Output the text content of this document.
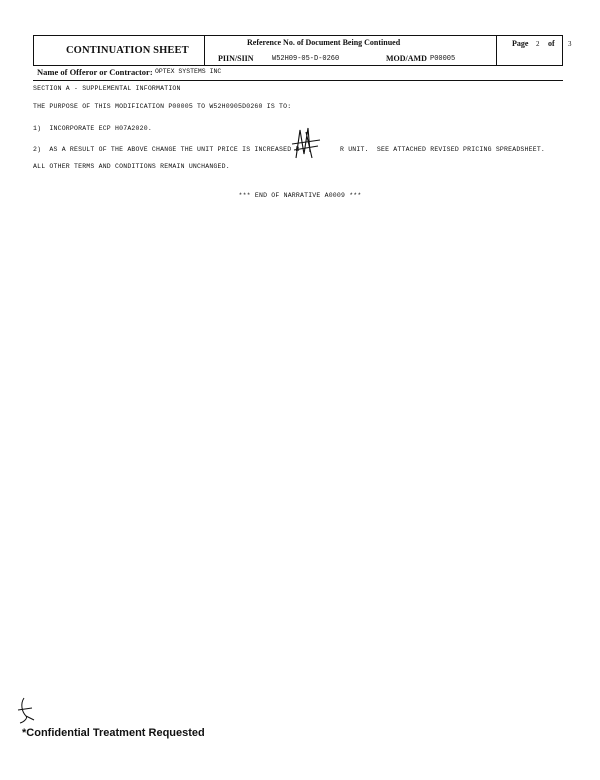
CONTINUATION SHEET
Reference No. of Document Being Continued
PIIN/SIIN	W52H09-05-D-0260	MOD/AMD P00005
Page 2 of 3
Name of Offeror or Contractor: OPTEX SYSTEMS INC
SECTION A - SUPPLEMENTAL INFORMATION
THE PURPOSE OF THIS MODIFICATION P00005 TO W52H0905D0260 IS TO:
1)  INCORPORATE ECP H07A2020.
2)  AS A RESULT OF THE ABOVE CHANGE THE UNIT PRICE IS INCREASED B	R UNIT.  SEE ATTACHED REVISED PRICING SPREADSHEET.
ALL OTHER TERMS AND CONDITIONS REMAIN UNCHANGED.
*** END OF NARRATIVE A0009 ***
*Confidential Treatment Requested
